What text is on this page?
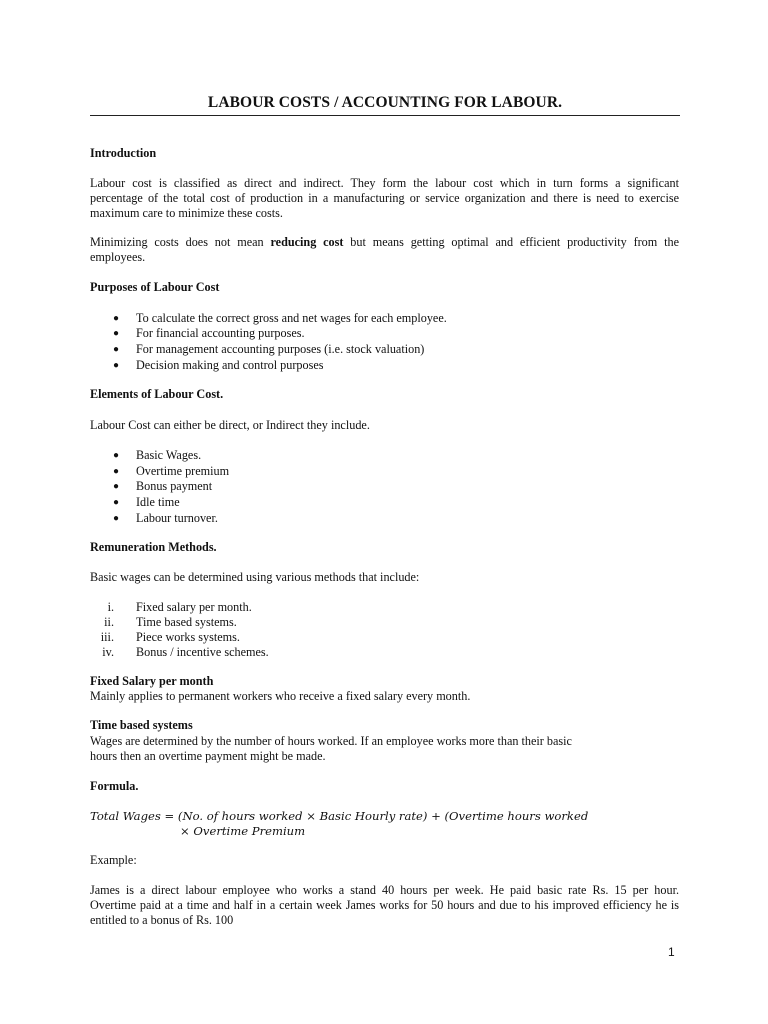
LABOUR COSTS / ACCOUNTING FOR LABOUR.
Introduction
Labour cost is classified as direct and indirect. They form the labour cost which in turn forms a significant
percentage of the total cost of production in a manufacturing or service organization and there is need to exercise
maximum care to minimize these costs.
Minimizing costs does not mean reducing cost but means getting optimal and efficient productivity from the
employees.
Purposes of Labour Cost
● To calculate the correct gross and net wages for each employee.
● For financial accounting purposes.
● For management accounting purposes (i.e. stock valuation)
● Decision making and control purposes
Elements of Labour Cost.
Labour Cost can either be direct, or Indirect they include.
● Basic Wages.
● Overtime premium
● Bonus payment
● Idle time
● Labour turnover.
Remuneration Methods.
Basic wages can be determined using various methods that include:
i. Fixed salary per month.
ii. Time based systems.
iii. Piece works systems.
iv. Bonus / incentive schemes.
Fixed Salary per month
Mainly applies to permanent workers who receive a fixed salary every month.
Time based systems
Wages are determined by the number of hours worked. If an employee works more than their basic
hours then an overtime payment might be made.
Formula.
Total Wages = (No. of hours worked × Basic Hourly rate) + (Overtime hours worked
× Overtime Premium
Example:
James is a direct labour employee who works a stand 40 hours per week. He paid basic rate Rs. 15 per hour.
Overtime paid at a time and half in a certain week James works for 50 hours and due to his improved efficiency he is
entitled to a bonus of Rs. 100
1
